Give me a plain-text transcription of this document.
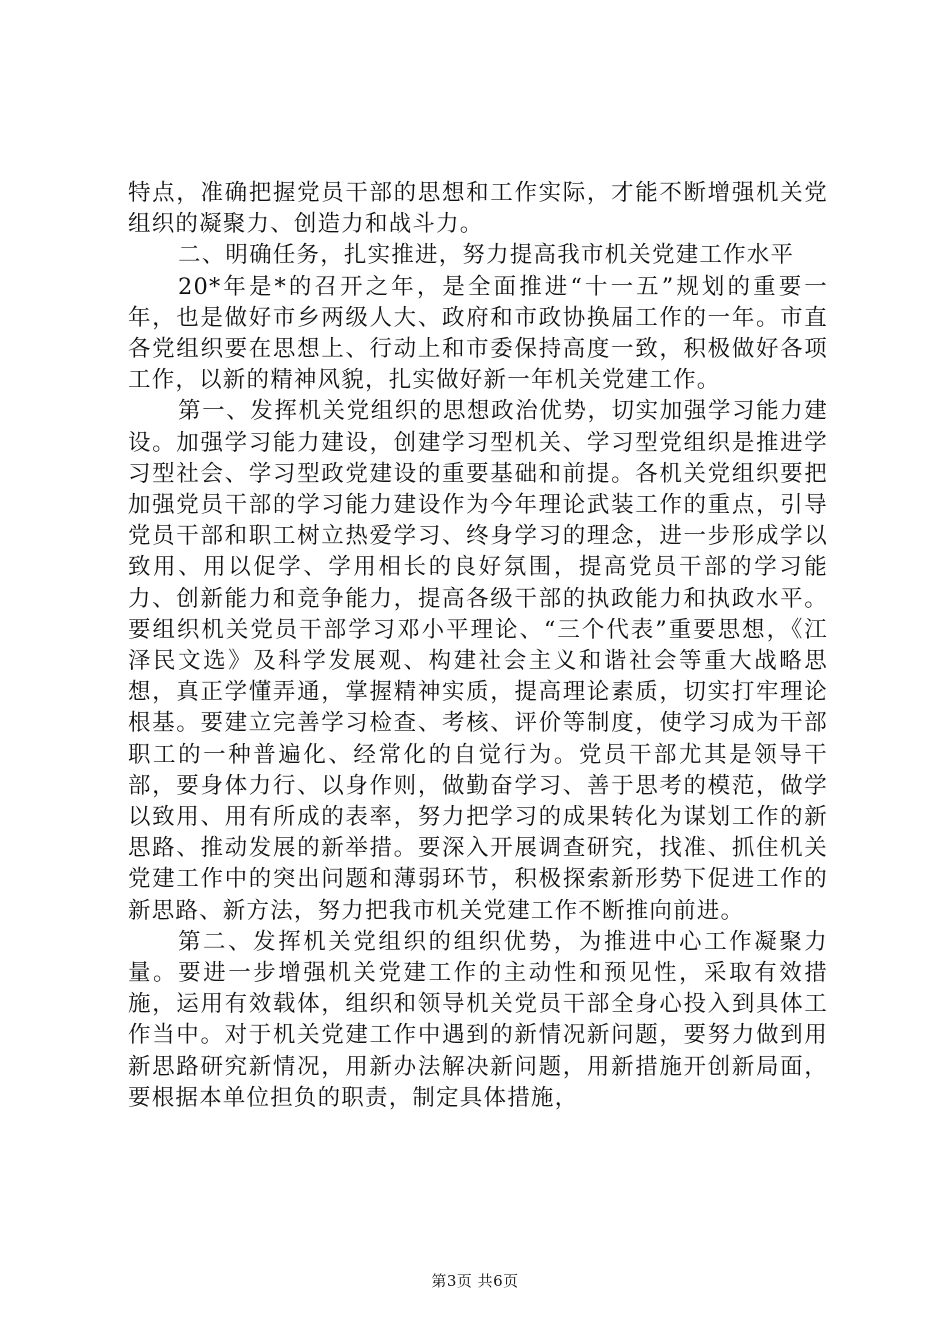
特点，准确把握党员干部的思想和工作实际，才能不断增强机关党组织的凝聚力、创造力和战斗力。

二、明确任务，扎实推进，努力提高我市机关党建工作水平

20*年是*的召开之年，是全面推进“十一五”规划的重要一年，也是做好市乡两级人大、政府和市政协换届工作的一年。市直各党组织要在思想上、行动上和市委保持高度一致，积极做好各项工作，以新的精神风貌，扎实做好新一年机关党建工作。

第一、发挥机关党组织的思想政治优势，切实加强学习能力建设。加强学习能力建设，创建学习型机关、学习型党组织是推进学习型社会、学习型政党建设的重要基础和前提。各机关党组织要把加强党员干部的学习能力建设作为今年理论武装工作的重点，引导党员干部和职工树立热爱学习、终身学习的理念，进一步形成学以致用、用以促学、学用相长的良好氛围，提高党员干部的学习能力、创新能力和竞争能力，提高各级干部的执政能力和执政水平。要组织机关党员干部学习邓小平理论、“三个代表”重要思想，《江泽民文选》及科学发展观、构建社会主义和谐社会等重大战略思想，真正学懂弄通，掌握精神实质，提高理论素质，切实打牢理论根基。要建立完善学习检查、考核、评价等制度，使学习成为干部职工的一种普遍化、经常化的自觉行为。党员干部尤其是领导干部，要身体力行、以身作则，做勤奋学习、善于思考的模范，做学以致用、用有所成的表率，努力把学习的成果转化为谋划工作的新思路、推动发展的新举措。要深入开展调查研究，找准、抓住机关党建工作中的突出问题和薄弱环节，积极探索新形势下促进工作的新思路、新方法，努力把我市机关党建工作不断推向前进。

第二、发挥机关党组织的组织优势，为推进中心工作凝聚力量。要进一步增强机关党建工作的主动性和预见性，采取有效措施，运用有效载体，组织和领导机关党员干部全身心投入到具体工作当中。对于机关党建工作中遇到的新情况新问题，要努力做到用新思路研究新情况，用新办法解决新问题，用新措施开创新局面，要根据本单位担负的职责，制定具体措施，

第3页 共6页
